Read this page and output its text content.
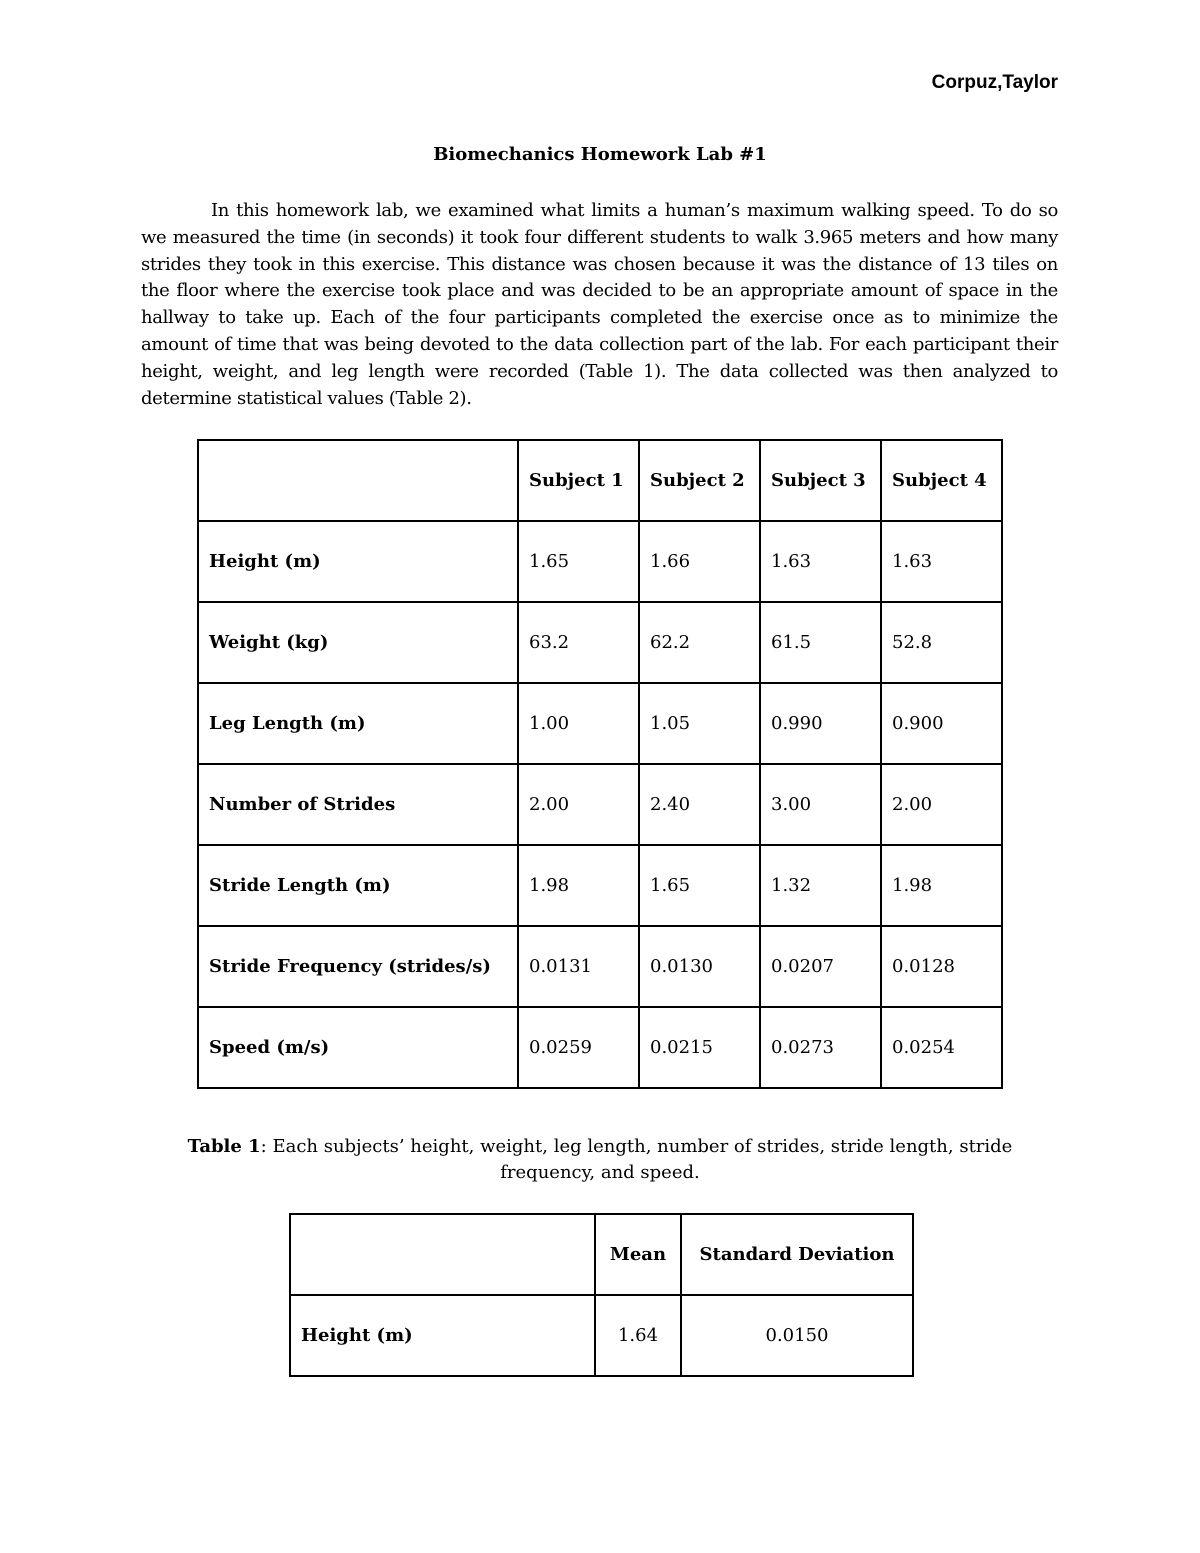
Corpuz,Taylor
Biomechanics Homework Lab #1

In this homework lab, we examined what limits a human’s maximum walking speed. To do so we measured the time (in seconds) it took four different students to walk 3.965 meters and how many strides they took in this exercise. This distance was chosen because it was the distance of 13 tiles on the floor where the exercise took place and was decided to be an appropriate amount of space in the hallway to take up. Each of the four participants completed the exercise once as to minimize the amount of time that was being devoted to the data collection part of the lab. For each participant their height, weight, and leg length were recorded (Table 1). The data collected was then analyzed to determine statistical values (Table 2).

	Subject 1	Subject 2	Subject 3	Subject 4
Height (m)	1.65	1.66	1.63	1.63
Weight (kg)	63.2	62.2	61.5	52.8
Leg Length (m)	1.00	1.05	0.990	0.900
Number of Strides	2.00	2.40	3.00	2.00
Stride Length (m)	1.98	1.65	1.32	1.98
Stride Frequency (strides/s)	0.0131	0.0130	0.0207	0.0128
Speed (m/s)	0.0259	0.0215	0.0273	0.0254
Table 1: Each subjects’ height, weight, leg length, number of strides, stride length, stride frequency, and speed.
	Mean	Standard Deviation
Height (m)	1.64	0.0150
